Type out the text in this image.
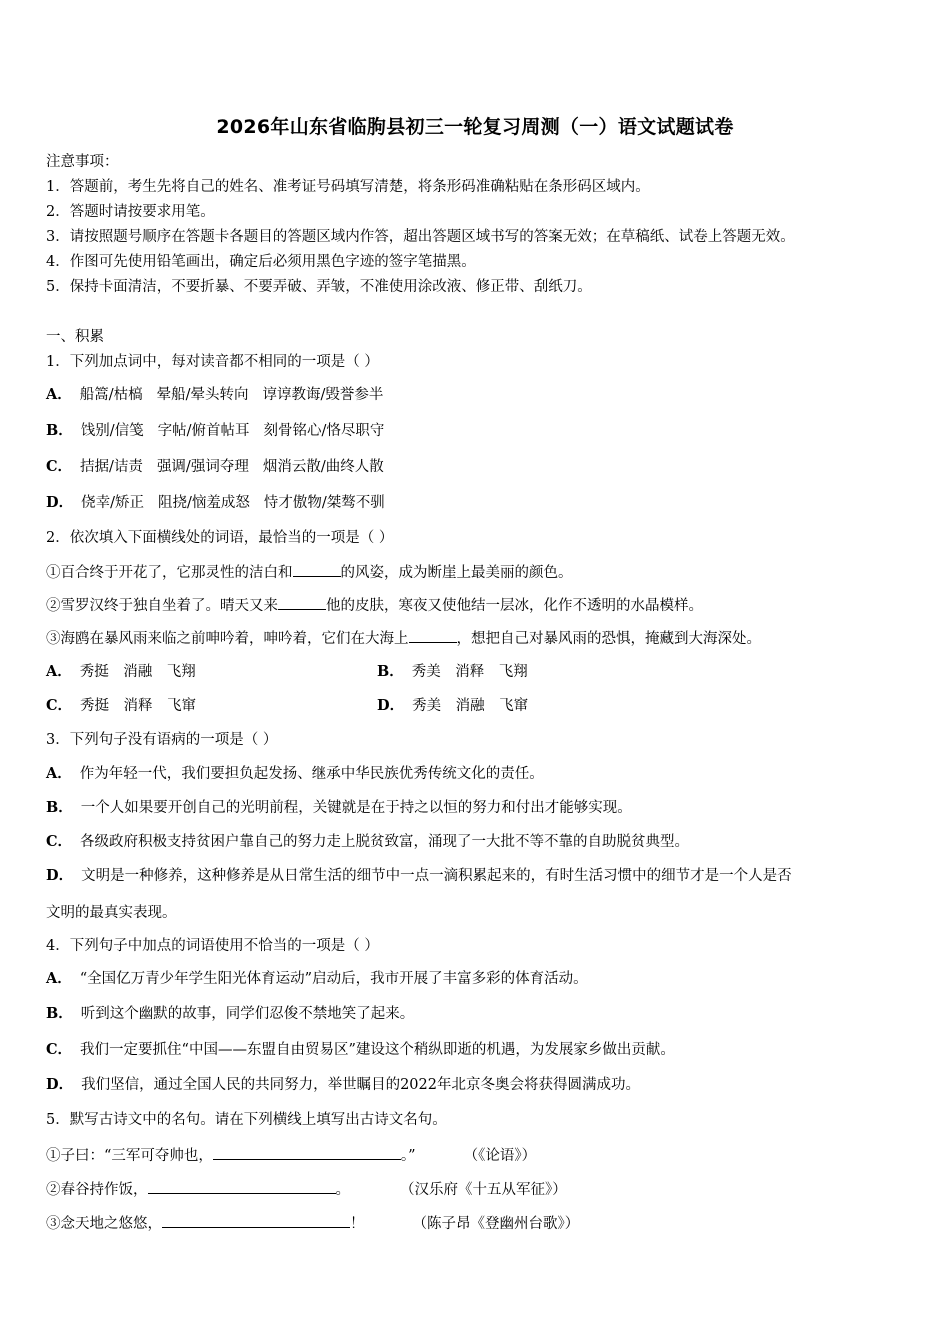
2026年山东省临朐县初三一轮复习周测（一）语文试题试卷
注意事项：
1．答题前，考生先将自己的姓名、准考证号码填写清楚，将条形码准确粘贴在条形码区域内。
2．答题时请按要求用笔。
3．请按照题号顺序在答题卡各题目的答题区域内作答，超出答题区域书写的答案无效；在草稿纸、试卷上答题无效。
4．作图可先使用铅笔画出，确定后必须用黑色字迹的签字笔描黑。
5．保持卡面清洁，不要折暴、不要弄破、弄皱，不准使用涂改液、修正带、刮纸刀。
一、积累
1．下列加点词中，每对读音都不相同的一项是（ ）
A． 船篙/枯槁 晕船/晕头转向 谆谆教诲/毁誉参半
B． 饯别/信笺 字帖/俯首帖耳 刻骨铭心/恪尽职守
C． 拮据/诘责 强调/强词夺理 烟消云散/曲终人散
D． 侥幸/矫正 阻挠/恼羞成怒 恃才傲物/桀骜不驯
2．依次填入下面横线处的词语，最恰当的一项是（ ）
①百合终于开花了，它那灵性的洁白和	的风姿，成为断崖上最美丽的颜色。
②雪罗汉终于独自坐着了。晴天又来	他的皮肤，寒夜又使他结一层冰，化作不透明的水晶模样。
③海鸥在暴风雨来临之前呻吟着，呻吟着，它们在大海上	，想把自己对暴风雨的恐惧，掩藏到大海深处。
A． 秀挺　消融　飞翔	B． 秀美　消释　飞翔
C． 秀挺　消释　飞窜	D． 秀美　消融　飞窜
3．下列句子没有语病的一项是（ ）
A． 作为年轻一代，我们要担负起发扬、继承中华民族优秀传统文化的责任。
B． 一个人如果要开创自己的光明前程，关键就是在于持之以恒的努力和付出才能够实现。
C． 各级政府积极支持贫困户靠自己的努力走上脱贫致富，涌现了一大批不等不靠的自助脱贫典型。
D． 文明是一种修养，这种修养是从日常生活的细节中一点一滴积累起来的，有时生活习惯中的细节才是一个人是否
文明的最真实表现。
4．下列句子中加点的词语使用不恰当的一项是（ ）
A． “全国亿万青少年学生阳光体育运动”启动后，我市开展了丰富多彩的体育活动。
B． 听到这个幽默的故事，同学们忍俊不禁地笑了起来。
C． 我们一定要抓住“中国——东盟自由贸易区”建设这个稍纵即逝的机遇，为发展家乡做出贡献。
D． 我们坚信，通过全国人民的共同努力，举世瞩目的2022年北京冬奥会将获得圆满成功。
5．默写古诗文中的名句。请在下列横线上填写出古诗文名句。
①子曰：“三军可夺帅也，	。”	（《论语》）
②春谷持作饭，	。	（汉乐府《十五从军征》）
③念天地之悠悠，	！	（陈子昂《登幽州台歌》）
